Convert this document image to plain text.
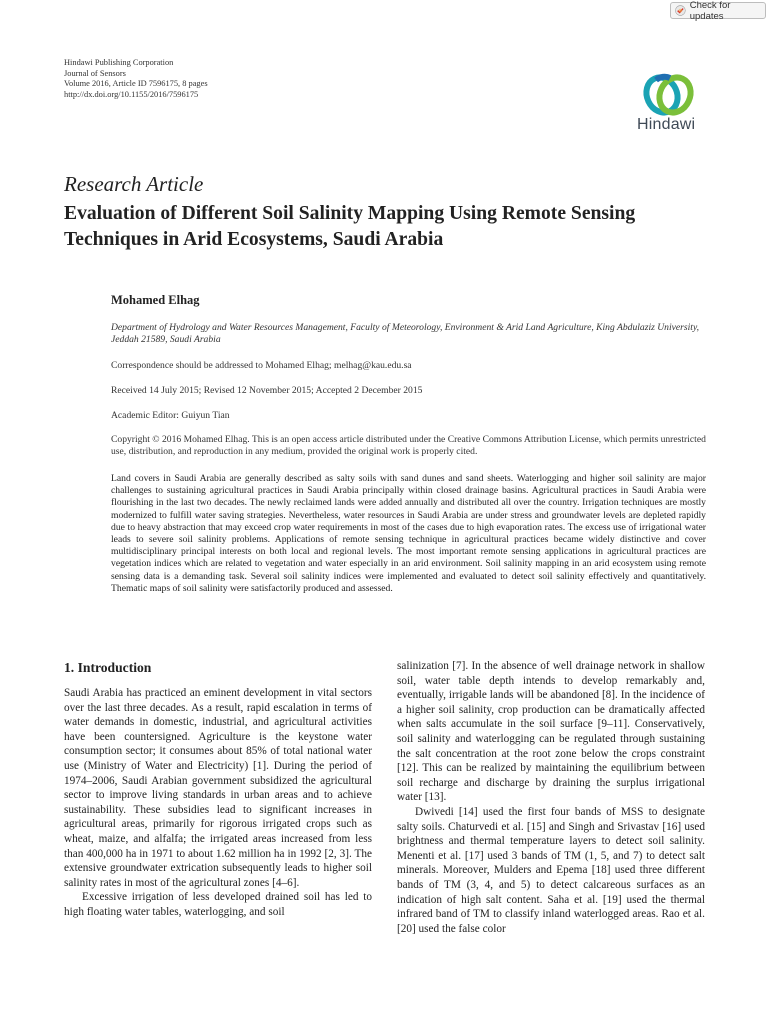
Check for updates
Hindawi Publishing Corporation
Journal of Sensors
Volume 2016, Article ID 7596175, 8 pages
http://dx.doi.org/10.1155/2016/7596175
Hindawi
Research Article
Evaluation of Different Soil Salinity Mapping Using Remote Sensing Techniques in Arid Ecosystems, Saudi Arabia
Mohamed Elhag
Department of Hydrology and Water Resources Management, Faculty of Meteorology, Environment & Arid Land Agriculture, King Abdulaziz University, Jeddah 21589, Saudi Arabia
Correspondence should be addressed to Mohamed Elhag; melhag@kau.edu.sa
Received 14 July 2015; Revised 12 November 2015; Accepted 2 December 2015
Academic Editor: Guiyun Tian
Copyright © 2016 Mohamed Elhag. This is an open access article distributed under the Creative Commons Attribution License, which permits unrestricted use, distribution, and reproduction in any medium, provided the original work is properly cited.
Land covers in Saudi Arabia are generally described as salty soils with sand dunes and sand sheets. Waterlogging and higher soil salinity are major challenges to sustaining agricultural practices in Saudi Arabia principally within closed drainage basins. Agricultural practices in Saudi Arabia were flourishing in the last two decades. The newly reclaimed lands were added annually and distributed all over the country. Irrigation techniques are mostly modernized to fulfill water saving strategies. Nevertheless, water resources in Saudi Arabia are under stress and groundwater levels are depleted rapidly due to heavy abstraction that may exceed crop water requirements in most of the cases due to high evaporation rates. The excess use of irrigational water leads to severe soil salinity problems. Applications of remote sensing technique in agricultural practices became widely distinctive and cover multidisciplinary principal interests on both local and regional levels. The most important remote sensing applications in agricultural practices are vegetation indices which are related to vegetation and water especially in an arid environment. Soil salinity mapping in an arid ecosystem using remote sensing data is a demanding task. Several soil salinity indices were implemented and evaluated to detect soil salinity effectively and quantitatively. Thematic maps of soil salinity were satisfactorily produced and assessed.
1. Introduction

Saudi Arabia has practiced an eminent development in vital sectors over the last three decades. As a result, rapid escalation in terms of water demands in domestic, industrial, and agricultural activities have been countersigned. Agriculture is the keystone water consumption sector; it consumes about 85% of total national water use (Ministry of Water and Electricity) [1]. During the period of 1974–2006, Saudi Arabian government subsidized the agricultural sector to improve living standards in urban areas and to achieve sustainability. These subsidies lead to significant increases in agricultural areas, primarily for rigorous irrigated crops such as wheat, maize, and alfalfa; the irrigated areas increased from less than 400,000 ha in 1971 to about 1.62 million ha in 1992 [2, 3]. The extensive groundwater extrication subsequently leads to higher soil salinity rates in most of the agricultural zones [4–6].

Excessive irrigation of less developed drained soil has led to high floating water tables, waterlogging, and soil

salinization [7]. In the absence of well drainage network in shallow soil, water table depth intends to develop remarkably and, eventually, irrigable lands will be abandoned [8]. In the incidence of a higher soil salinity, crop production can be dramatically affected when salts accumulate in the soil surface [9–11]. Conservatively, soil salinity and waterlogging can be regulated through sustaining the salt concentration at the root zone below the crops constraint [12]. This can be realized by maintaining the equilibrium between soil recharge and discharge by draining the surplus irrigational water [13].

Dwivedi [14] used the first four bands of MSS to designate salty soils. Chaturvedi et al. [15] and Singh and Srivastav [16] used brightness and thermal temperature layers to detect soil salinity. Menenti et al. [17] used 3 bands of TM (1, 5, and 7) to detect salt minerals. Moreover, Mulders and Epema [18] used three different bands of TM (3, 4, and 5) to detect calcareous surfaces as an indication of high salt content. Saha et al. [19] used the thermal infrared band of TM to classify inland waterlogged areas. Rao et al. [20] used the false color
